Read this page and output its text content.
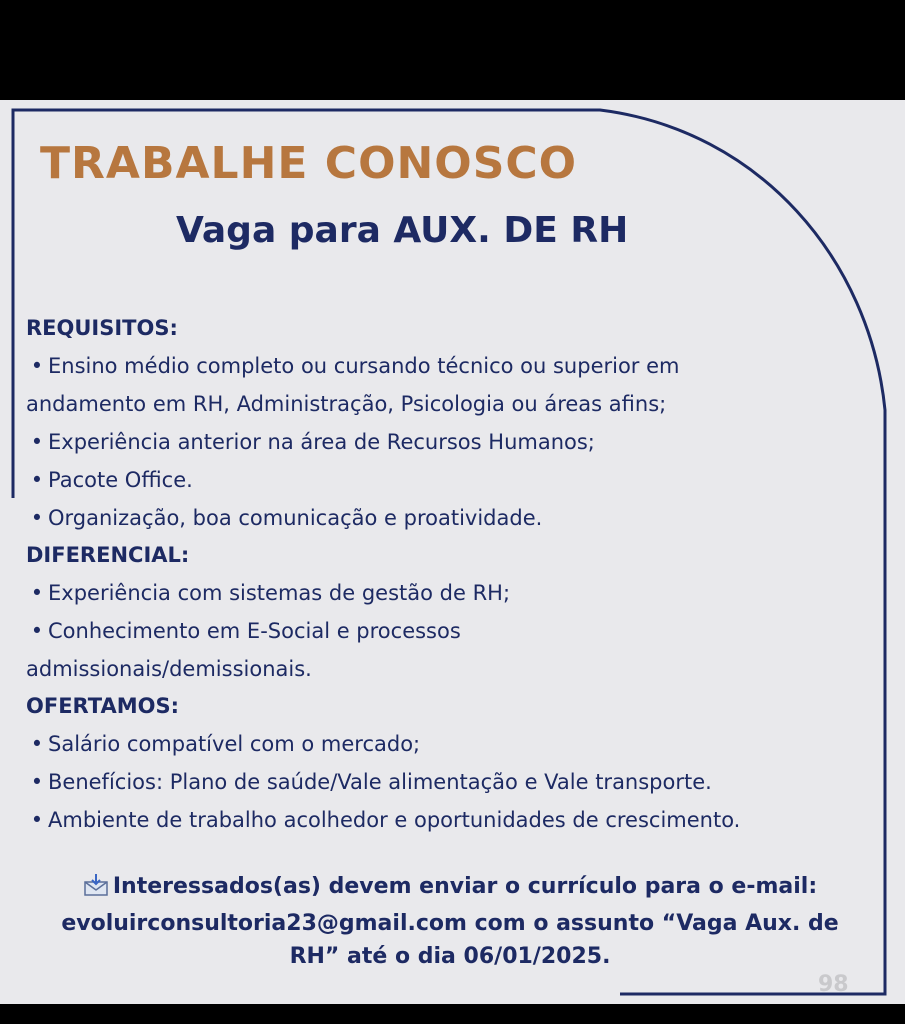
TRABALHE CONOSCO
Vaga para AUX. DE RH
REQUISITOS:
• Ensino médio completo ou cursando técnico ou superior em
andamento em RH, Administração, Psicologia ou áreas afins;
• Experiência anterior na área de Recursos Humanos;
• Pacote Office.
• Organização, boa comunicação e proatividade.
DIFERENCIAL:
• Experiência com sistemas de gestão de RH;
• Conhecimento em E-Social e processos
admissionais/demissionais.
OFERTAMOS:
• Salário compatível com o mercado;
• Benefícios: Plano de saúde/Vale alimentação e Vale transporte.
• Ambiente de trabalho acolhedor e oportunidades de crescimento.
Interessados(as) devem enviar o currículo para o e-mail:
evoluirconsultoria23@gmail.com com o assunto “Vaga Aux. de
RH” até o dia 06/01/2025.
98
